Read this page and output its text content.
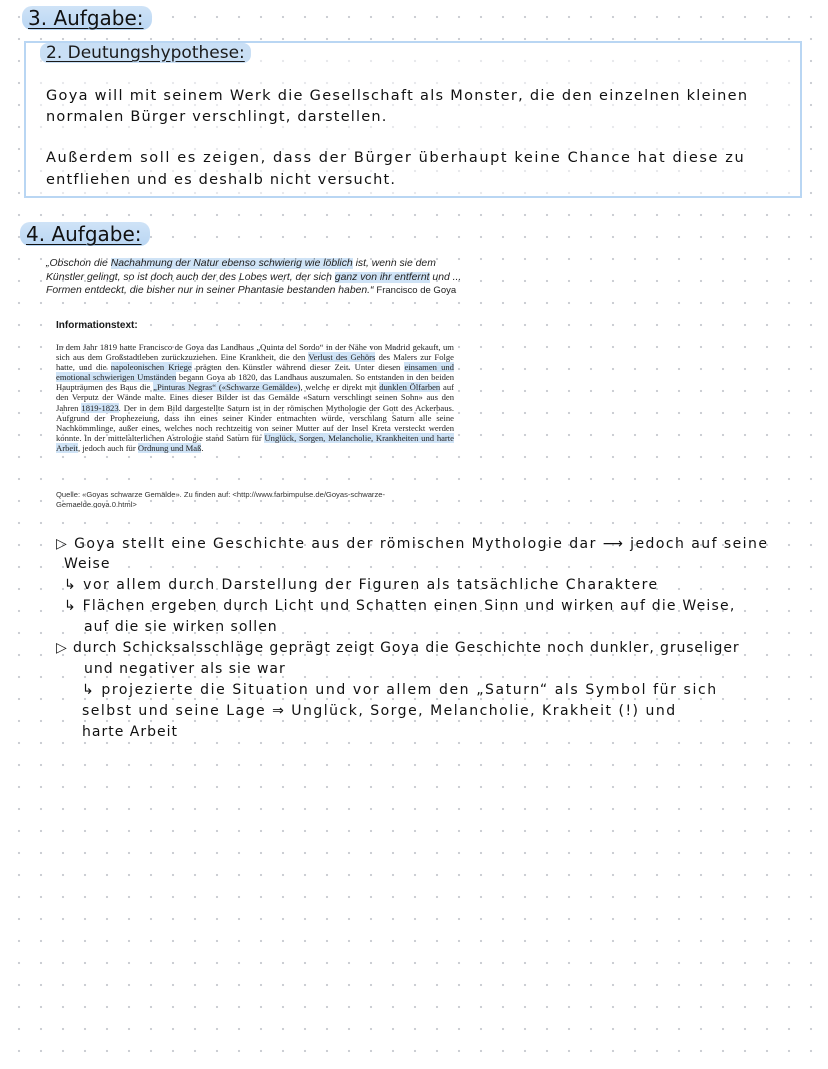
3. Aufgabe:
2. Deutungshypothese:
Goya will mit seinem Werk die Gesellschaft als Monster, die den einzelnen kleinen
normalen Bürger verschlingt, darstellen.
Außerdem soll es zeigen, dass der Bürger überhaupt keine Chance hat diese zu
entfliehen und es deshalb nicht versucht.
4. Aufgabe:
„Obschon die Nachahmung der Natur ebenso schwierig wie löblich ist, wenn sie dem Künstler gelingt, so ist doch auch der des Lobes wert, der sich ganz von ihr entfernt und ... Formen entdeckt, die bisher nur in seiner Phantasie bestanden haben.“ Francisco de Goya
Informationstext:
In dem Jahr 1819 hatte Francisco de Goya das Landhaus „Quinta del Sordo“ in der Nähe von Madrid gekauft, um sich aus dem Großstadtleben zurückzuziehen. Eine Krankheit, die den Verlust des Gehörs des Malers zur Folge hatte, und die napoleonischen Kriege prägten den Künstler während dieser Zeit. Unter diesen einsamen und emotional schwierigen Umständen begann Goya ab 1820, das Landhaus auszumalen. So entstanden in den beiden Haupträumen des Baus die „Pinturas Negras“ («Schwarze Gemälde»), welche er direkt mit dunklen Ölfarben auf den Verputz der Wände malte. Eines dieser Bilder ist das Gemälde «Saturn verschlingt seinen Sohn» aus den Jahren 1819-1823. Der in dem Bild dargestellte Saturn ist in der römischen Mythologie der Gott des Ackerbaus. Aufgrund der Prophezeiung, dass ihn eines seiner Kinder entmachten würde, verschlang Saturn alle seine Nachkömmlinge, außer eines, welches noch rechtzeitig von seiner Mutter auf der Insel Kreta versteckt werden konnte. In der mittelalterlichen Astrologie stand Saturn für Unglück, Sorgen, Melancholie, Krankheiten und harte Arbeit, jedoch auch für Ordnung und Maß.
Quelle: «Goyas schwarze Gemälde». Zu finden auf: <http://www.farbimpulse.de/Goyas-schwarze-Gemaelde.goya.0.html>
▷ Goya stellt eine Geschichte aus der römischen Mythologie dar ⟶ jedoch auf seine
Weise
↳ vor allem durch Darstellung der Figuren als tatsächliche Charaktere
↳ Flächen ergeben durch Licht und Schatten einen Sinn und wirken auf die Weise,
auf die sie wirken sollen
▷ durch Schicksalsschläge geprägt zeigt Goya die Geschichte noch dunkler, gruseliger
und negativer als sie war
↳ projezierte die Situation und vor allem den „Saturn“ als Symbol für sich
selbst und seine Lage ⇒ Unglück, Sorge, Melancholie, Krakheit (!) und
harte Arbeit
